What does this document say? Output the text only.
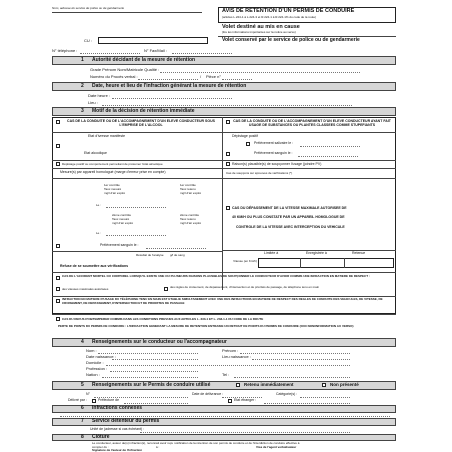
Nom, adresse du service de police ou de gendarmerie	AVIS DE RETENTION D'UN PERMIS DE CONDUIRE
(articles L.224-1 à L.224-3 et R.224-1 à R.224-1% du code de la route)
Volet destiné au mis en cause
(lire les informations importantes sur la notice au verso)
Volet conservé par le service de police ou de gendarmerie
CU :
N° téléphone :	N° Fax/Mail :
1 Autorité décidant de la mesure de rétention
Grade Prénom Nom/Matricule Qualité :
Numéro du Procès verbal :	/ Pièce n°
2 Date, heure et lieu de l'infraction générant la mesure de rétention
Date heure :
Lieu :
3 Motif de la décision de rétention immédiate
CAS DE LA CONDUITE OU DE L'ACCOMPAGNEMENT D'UN ELEVE CONDUCTEUR SOUS L'EMPRISE DE L'ALCOOL
CAS DE LA CONDUITE OU DE L'ACCOMPAGNEMENT D'UN ELEVE CONDUCTEUR AYANT FAIT USAGE DE SUBSTANCES OU PLANTES CLASSEES COMME STUPEFIANTS
Etat d'ivresse manifeste	Dépistage positif
Prélèvement salivaire le :
Etat alcoolique	Prélèvement sanguin le :
Dépistage positif ou comportement permettant de présumer l'état alcoolique	Raison(s) plausible(s) de soupçonner l'usage (joindre PV)
Mesure(s) par appareil homologué (marge d'erreur prise en compte)	Cas de soupçons sur épreuves de vérifications (*)
1er contrôle
Taux mesuré
mg/l d'air expiré
1er contrôle
Taux retenu
mg/l d'air expiré
Le :
2ème contrôle
Taux mesuré
mg/l d'air expiré
2ème contrôle
Taux retenu
mg/l d'air expiré
Le :
Prélèvement sanguin le :
Résultat de l'analyse g/l de sang
Refuse de se soumettre aux vérifications
CAS DU DÉPASSEMENT DE LA VITESSE MAXIMALE AUTORISEE DE
40 KM/H OU PLUS CONSTATE PAR UN APPAREIL HOMOLOGUE DE
CONTROLE DE LA VITESSE AVEC INTERCEPTION DU VEHICULE
Limitée à	Enregistrée à	Retenue
Vitesse (en Km/h)
CAS DE L'ACCIDENT MORTEL OU CORPOREL LORSQU'IL EXISTE UNE OU PLUSIEURS RAISONS PLAUSIBLES DE SOUPÇONNER LE CONDUCTEUR D'AVOIR COMMIS UNE INFRACTION EN MATIERE DE RESPECT :
des vitesses maximales autorisées	des règles de croisement, de dépassement, d'intersection et de priorités de passage, de téléphone tenu en main
INFRACTION EN MATIERE D'USAGE DU TÉLÉPHONE TENU EN MAIN EST ETABLIE SIMULTANEMENT AVEC UNE DES INFRACTIONS EN MATIERE DE RESPECT DES REGLES DE CONDUITE DES VEHICULES, DE VITESSE, DE CROISEMENT, DE DEPASSEMENT, D'INTERSECTION ET DE PRIORITES DE PASSAGE
CAS DU REFUS D'OBTEMPERER COMMIS DANS LES CONDITIONS PREVUES AUX ARTICLES L. 233-1 ET L. 233-1-1 DU CODE DE LA ROUTE
PERTE DE POINTS DU PERMIS DE CONDUIRE : L'INFRACTION GENERANT LA MESURE DE RETENTION ENTRAINE UN RETRAIT DE POINTS DU PERMIS DE CONDUIRE (OUI/ NON/INFORMATION AU VERSO)
4 Renseignements sur le conducteur ou l'accompagnateur
Nom :	Prénom :
Date naissance :	Lieu naissance :
Domicile :
Profession :
Nation :	Tel :
5 Renseignements sur le Permis de conduire utilisé	Retenu immédiatement	Non présenté
N°	Date de délivrance :	Catégorie(s) :
Délivré par :	Préfecture de	Etat étranger :
6 Infractions connexes
7 Service détenteur du permis
Unité de (adresse si cas échéant) :
8 Clôture
Le conducteur, auteur de(s) infraction(s), reconnait avoir reçu notification de la rétention de son permis de conduire et de l'interdiction de conduire effective à
compter du :	à :
Signature de l'auteur de l'infraction
Visa de l'agent verbalisateur
